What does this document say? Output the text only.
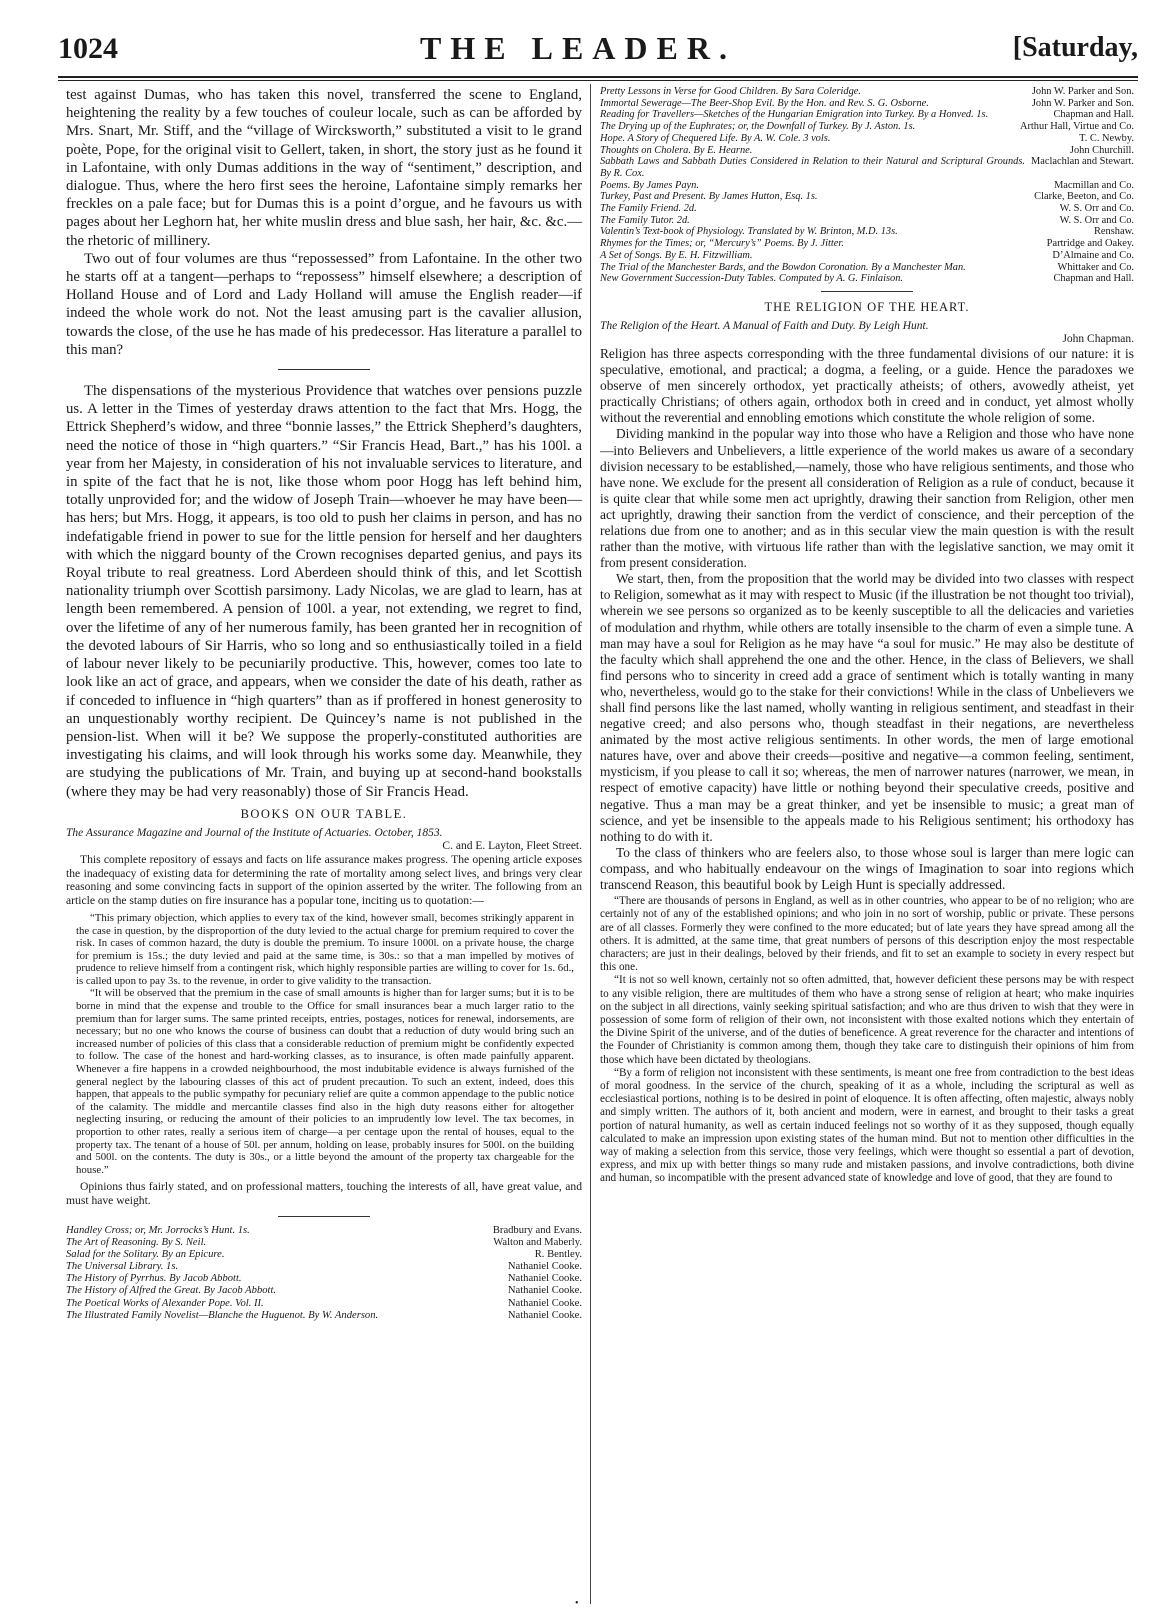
1024	THE LEADER.	[Saturday,

test against Dumas, who has taken this novel, transferred the scene to England, heightening the reality by a few touches of couleur locale, such as can be afforded by Mrs. Snart, Mr. Stiff, and the “village of Wircksworth,” substituted a visit to le grand poète, Pope, for the original visit to Gellert, taken, in short, the story just as he found it in Lafontaine, with only Dumas additions in the way of “sentiment,” description, and dialogue. Thus, where the hero first sees the heroine, Lafontaine simply remarks her freckles on a pale face; but for Dumas this is a point d’orgue, and he favours us with pages about her Leghorn hat, her white muslin dress and blue sash, her hair, &c. &c.—the rhetoric of millinery.

Two out of four volumes are thus “repossessed” from Lafontaine. In the other two he starts off at a tangent—perhaps to “repossess” himself elsewhere; a description of Holland House and of Lord and Lady Holland will amuse the English reader—if indeed the whole work do not. Not the least amusing part is the cavalier allusion, towards the close, of the use he has made of his predecessor. Has literature a parallel to this man?

The dispensations of the mysterious Providence that watches over pensions puzzle us. A letter in the Times of yesterday draws attention to the fact that Mrs. Hogg, the Ettrick Shepherd’s widow, and three “bonnie lasses,” the Ettrick Shepherd’s daughters, need the notice of those in “high quarters.” “Sir Francis Head, Bart.,” has his 100l. a year from her Majesty, in consideration of his not invaluable services to literature, and in spite of the fact that he is not, like those whom poor Hogg has left behind him, totally unprovided for; and the widow of Joseph Train—whoever he may have been—has hers; but Mrs. Hogg, it appears, is too old to push her claims in person, and has no indefatigable friend in power to sue for the little pension for herself and her daughters with which the niggard bounty of the Crown recognises departed genius, and pays its Royal tribute to real greatness. Lord Aberdeen should think of this, and let Scottish nationality triumph over Scottish parsimony. Lady Nicolas, we are glad to learn, has at length been remembered. A pension of 100l. a year, not extending, we regret to find, over the lifetime of any of her numerous family, has been granted her in recognition of the devoted labours of Sir Harris, who so long and so enthusiastically toiled in a field of labour never likely to be pecuniarily productive. This, however, comes too late to look like an act of grace, and appears, when we consider the date of his death, rather as if conceded to influence in “high quarters” than as if proffered in honest generosity to an unquestionably worthy recipient. De Quincey’s name is not published in the pension-list. When will it be? We suppose the properly-constituted authorities are investigating his claims, and will look through his works some day. Meanwhile, they are studying the publications of Mr. Train, and buying up at second-hand bookstalls (where they may be had very reasonably) those of Sir Francis Head.

BOOKS ON OUR TABLE.
The Assurance Magazine and Journal of the Institute of Actuaries. October, 1853.
C. and E. Layton, Fleet Street.

This complete repository of essays and facts on life assurance makes progress. The opening article exposes the inadequacy of existing data for determining the rate of mortality among select lives, and brings very clear reasoning and some convincing facts in support of the opinion asserted by the writer. The following from an article on the stamp duties on fire insurance has a popular tone, inciting us to quotation:—

“This primary objection, which applies to every tax of the kind, however small, becomes strikingly apparent in the case in question, by the disproportion of the duty levied to the actual charge for premium required to cover the risk. In cases of common hazard, the duty is double the premium. To insure 1000l. on a private house, the charge for premium is 15s.; the duty levied and paid at the same time, is 30s.: so that a man impelled by motives of prudence to relieve himself from a contingent risk, which highly responsible parties are willing to cover for 1s. 6d., is called upon to pay 3s. to the revenue, in order to give validity to the transaction.

“It will be observed that the premium in the case of small amounts is higher than for larger sums; but it is to be borne in mind that the expense and trouble to the Office for small insurances bear a much larger ratio to the premium than for larger sums. The same printed receipts, entries, postages, notices for renewal, indorsements, are necessary; but no one who knows the course of business can doubt that a reduction of duty would bring such an increased number of policies of this class that a considerable reduction of premium might be confidently expected to follow. The case of the honest and hard-working classes, as to insurance, is often made painfully apparent. Whenever a fire happens in a crowded neighbourhood, the most indubitable evidence is always furnished of the general neglect by the labouring classes of this act of prudent precaution. To such an extent, indeed, does this happen, that appeals to the public sympathy for pecuniary relief are quite a common appendage to the public notice of the calamity. The middle and mercantile classes find also in the high duty reasons either for altogether neglecting insuring, or reducing the amount of their policies to an imprudently low level. The tax becomes, in proportion to other rates, really a serious item of charge—a per centage upon the rental of houses, equal to the property tax. The tenant of a house of 50l. per annum, holding on lease, probably insures for 500l. on the building and 500l. on the contents. The duty is 30s., or a little beyond the amount of the property tax chargeable for the house.”

Opinions thus fairly stated, and on professional matters, touching the interests of all, have great value, and must have weight.

Handley Cross; or, Mr. Jorrocks’s Hunt. 1s.	Bradbury and Evans.
The Art of Reasoning. By S. Neil.	Walton and Maberly.
Salad for the Solitary. By an Epicure.	R. Bentley.
The Universal Library. 1s.	Nathaniel Cooke.
The History of Pyrrhus. By Jacob Abbott.	Nathaniel Cooke.
The History of Alfred the Great. By Jacob Abbott.	Nathaniel Cooke.
The Poetical Works of Alexander Pope. Vol. II.	Nathaniel Cooke.
The Illustrated Family Novelist—Blanche the Huguenot. By W. Anderson.	Nathaniel Cooke.
Pretty Lessons in Verse for Good Children. By Sara Coleridge.	John W. Parker and Son.
Immortal Sewerage—The Beer-Shop Evil. By the Hon. and Rev. S. G. Osborne.	John W. Parker and Son.
Reading for Travellers—Sketches of the Hungarian Emigration into Turkey. By a Honved. 1s.	Chapman and Hall.
The Drying up of the Euphrates; or, the Downfall of Turkey. By J. Aston. 1s.	Arthur Hall, Virtue and Co.
Hope. A Story of Chequered Life. By A. W. Cole. 3 vols.	T. C. Newby.
Thoughts on Cholera. By E. Hearne.	John Churchill.
Sabbath Laws and Sabbath Duties Considered in Relation to their Natural and Scriptural Grounds. By R. Cox.
Maclachlan and Stewart.
Poems. By James Payn.	Macmillan and Co.
Turkey, Past and Present. By James Hutton, Esq. 1s.	Clarke, Beeton, and Co.
The Family Friend. 2d.	W. S. Orr and Co.
The Family Tutor. 2d.	W. S. Orr and Co.
Valentin’s Text-book of Physiology. Translated by W. Brinton, M.D. 13s.	Renshaw.
Rhymes for the Times; or, “Mercury’s” Poems. By J. Jitter.	Partridge and Oakey.
A Set of Songs. By E. H. Fitzwilliam.	D’Almaine and Co.
The Trial of the Manchester Bards, and the Bowdon Coronation. By a Manchester Man.	Whittaker and Co.
New Government Succession-Duty Tables. Computed by A. G. Finlaison.	Chapman and Hall.
THE RELIGION OF THE HEART.
The Religion of the Heart. A Manual of Faith and Duty. By Leigh Hunt.
John Chapman.

Religion has three aspects corresponding with the three fundamental divisions of our nature: it is speculative, emotional, and practical; a dogma, a feeling, or a guide. Hence the paradoxes we observe of men sincerely orthodox, yet practically atheists; of others, avowedly atheist, yet practically Christians; of others again, orthodox both in creed and in conduct, yet almost wholly without the reverential and ennobling emotions which constitute the whole religion of some.

Dividing mankind in the popular way into those who have a Religion and those who have none—into Believers and Unbelievers, a little experience of the world makes us aware of a secondary division necessary to be established,—namely, those who have religious sentiments, and those who have none. We exclude for the present all consideration of Religion as a rule of conduct, because it is quite clear that while some men act uprightly, drawing their sanction from Religion, other men act uprightly, drawing their sanction from the verdict of conscience, and their perception of the relations due from one to another; and as in this secular view the main question is with the result rather than the motive, with virtuous life rather than with the legislative sanction, we may omit it from present consideration.

We start, then, from the proposition that the world may be divided into two classes with respect to Religion, somewhat as it may with respect to Music (if the illustration be not thought too trivial), wherein we see persons so organized as to be keenly susceptible to all the delicacies and varieties of modulation and rhythm, while others are totally insensible to the charm of even a simple tune. A man may have a soul for Religion as he may have “a soul for music.” He may also be destitute of the faculty which shall apprehend the one and the other. Hence, in the class of Believers, we shall find persons who to sincerity in creed add a grace of sentiment which is totally wanting in many who, nevertheless, would go to the stake for their convictions! While in the class of Unbelievers we shall find persons like the last named, wholly wanting in religious sentiment, and steadfast in their negative creed; and also persons who, though steadfast in their negations, are nevertheless animated by the most active religious sentiments. In other words, the men of large emotional natures have, over and above their creeds—positive and negative—a common feeling, sentiment, mysticism, if you please to call it so; whereas, the men of narrower natures (narrower, we mean, in respect of emotive capacity) have little or nothing beyond their speculative creeds, positive and negative. Thus a man may be a great thinker, and yet be insensible to music; a great man of science, and yet be insensible to the appeals made to his Religious sentiment; his orthodoxy has nothing to do with it.

To the class of thinkers who are feelers also, to those whose soul is larger than mere logic can compass, and who habitually endeavour on the wings of Imagination to soar into regions which transcend Reason, this beautiful book by Leigh Hunt is specially addressed.

“There are thousands of persons in England, as well as in other countries, who appear to be of no religion; who are certainly not of any of the established opinions; and who join in no sort of worship, public or private. These persons are of all classes. Formerly they were confined to the more educated; but of late years they have spread among all the others. It is admitted, at the same time, that great numbers of persons of this description enjoy the most respectable characters; are just in their dealings, beloved by their friends, and fit to set an example to society in every respect but this one.

“It is not so well known, certainly not so often admitted, that, however deficient these persons may be with respect to any visible religion, there are multitudes of them who have a strong sense of religion at heart; who make inquiries on the subject in all directions, vainly seeking spiritual satisfaction; and who are thus driven to wish that they were in possession of some form of religion of their own, not inconsistent with those exalted notions which they entertain of the Divine Spirit of the universe, and of the duties of beneficence. A great reverence for the character and intentions of the Founder of Christianity is common among them, though they take care to distinguish their opinions of him from those which have been dictated by theologians.

“By a form of religion not inconsistent with these sentiments, is meant one free from contradiction to the best ideas of moral goodness. In the service of the church, speaking of it as a whole, including the scriptural as well as ecclesiastical portions, nothing is to be desired in point of eloquence. It is often affecting, often majestic, always nobly and simply written. The authors of it, both ancient and modern, were in earnest, and brought to their tasks a great portion of natural humanity, as well as certain induced feelings not so worthy of it as they supposed, though equally calculated to make an impression upon existing states of the human mind. But not to mention other difficulties in the way of making a selection from this service, those very feelings, which were thought so essential a part of devotion, express, and mix up with better things so many rude and mistaken passions, and involve contradictions, both divine and human, so incompatible with the present advanced state of knowledge and love of good, that they are found to

•
